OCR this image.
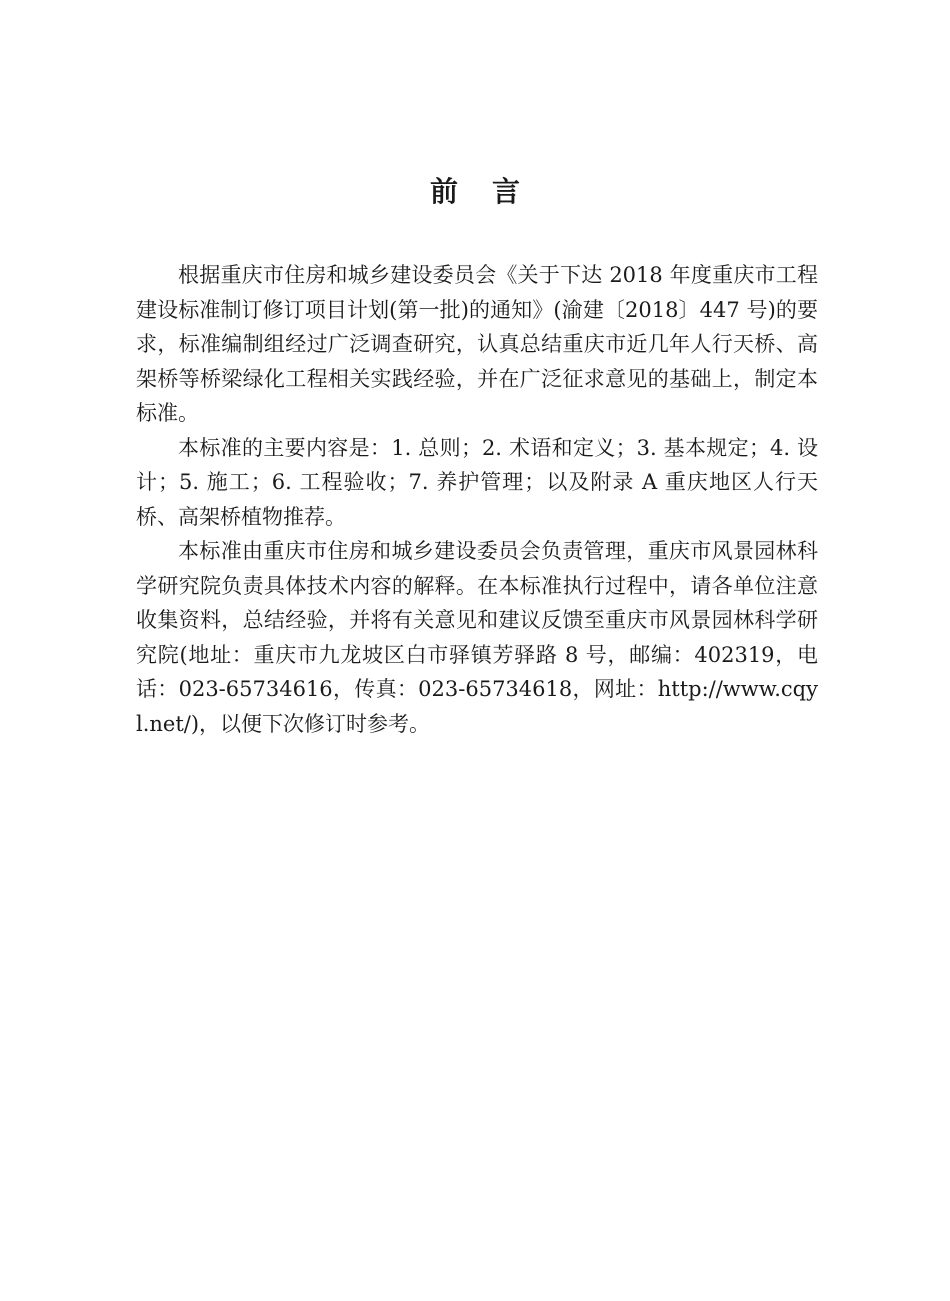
前言

根据重庆市住房和城乡建设委员会《关于下达 2018 年度重庆市工程建设标准制订修订项目计划(第一批)的通知》(渝建〔2018〕447 号)的要求，标准编制组经过广泛调查研究，认真总结重庆市近几年人行天桥、高架桥等桥梁绿化工程相关实践经验，并在广泛征求意见的基础上，制定本标准。

本标准的主要内容是：1. 总则；2. 术语和定义；3. 基本规定；4. 设计；5. 施工；6. 工程验收；7. 养护管理；以及附录 A 重庆地区人行天桥、高架桥植物推荐。

本标准由重庆市住房和城乡建设委员会负责管理，重庆市风景园林科学研究院负责具体技术内容的解释。在本标准执行过程中，请各单位注意收集资料，总结经验，并将有关意见和建议反馈至重庆市风景园林科学研究院(地址：重庆市九龙坡区白市驿镇芳驿路 8 号，邮编：402319，电话：023-65734616，传真：023-65734618，网址：http://www.cqyl.net/)，以便下次修订时参考。
